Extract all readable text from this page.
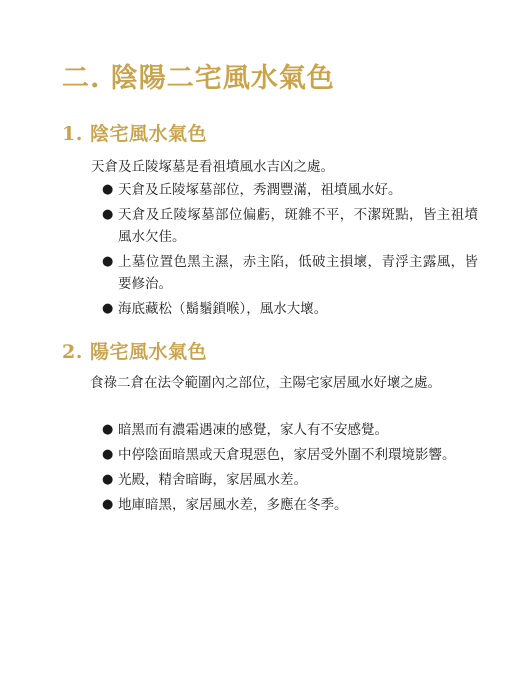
二. 陰陽二宅風水氣色
1. 陰宅風水氣色
天倉及丘陵塚墓是看祖墳風水吉凶之處。
● 天倉及丘陵塚墓部位，秀潤豐滿，祖墳風水好。
● 天倉及丘陵塚墓部位偏虧，斑雜不平，不潔斑點，皆主祖墳風水欠佳。
● 上墓位置色黑主濕，赤主陷，低破主損壞，青浮主露風，皆要修治。
● 海底藏松（鬍鬚鎖喉），風水大壞。
2. 陽宅風水氣色
食祿二倉在法令範圍內之部位，主陽宅家居風水好壞之處。
● 暗黑而有濃霜遇凍的感覺，家人有不安感覺。
● 中停陰面暗黑或天倉現惡色，家居受外圍不利環境影響。
● 光殿，精舍暗晦，家居風水差。
● 地庫暗黑，家居風水差，多應在冬季。
